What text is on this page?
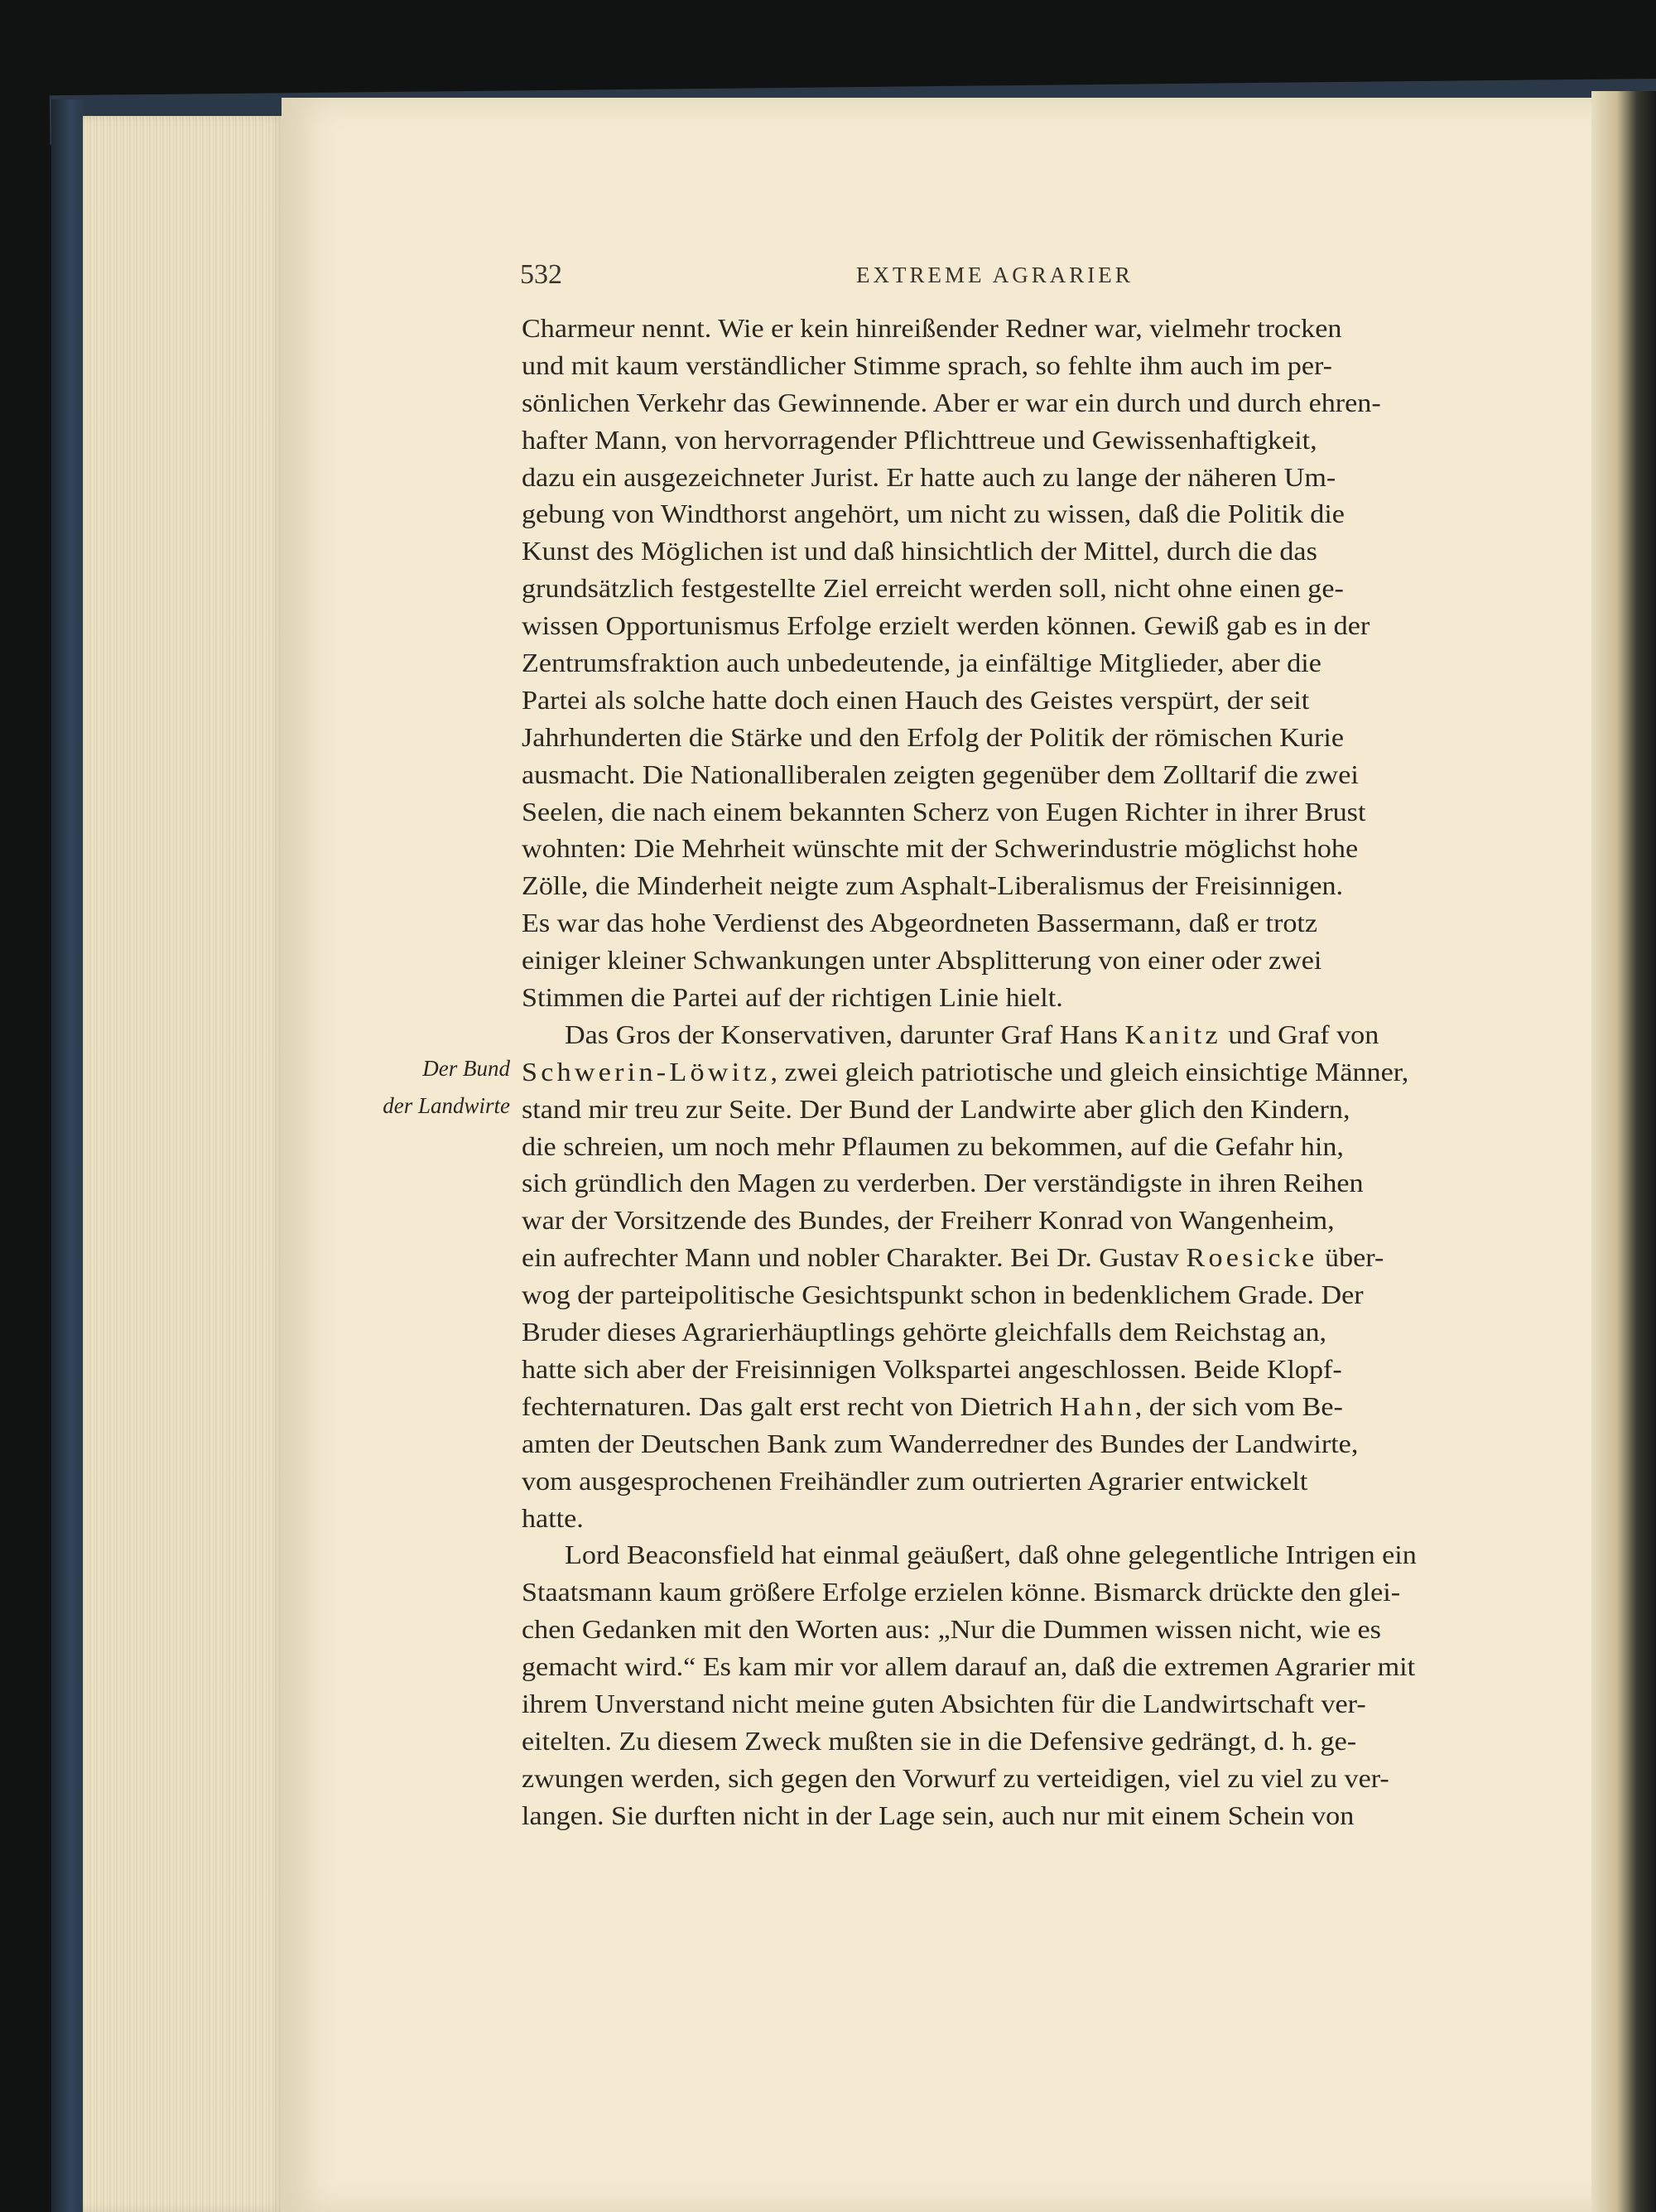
532	EXTREME AGRARIER
Der Bund
der Landwirte
Charmeur nennt. Wie er kein hinreißender Redner war, vielmehr trocken
und mit kaum verständlicher Stimme sprach, so fehlte ihm auch im per-
sönlichen Verkehr das Gewinnende. Aber er war ein durch und durch ehren-
hafter Mann, von hervorragender Pflichttreue und Gewissenhaftigkeit,
dazu ein ausgezeichneter Jurist. Er hatte auch zu lange der näheren Um-
gebung von Windthorst angehört, um nicht zu wissen, daß die Politik die
Kunst des Möglichen ist und daß hinsichtlich der Mittel, durch die das
grundsätzlich festgestellte Ziel erreicht werden soll, nicht ohne einen ge-
wissen Opportunismus Erfolge erzielt werden können. Gewiß gab es in der
Zentrumsfraktion auch unbedeutende, ja einfältige Mitglieder, aber die
Partei als solche hatte doch einen Hauch des Geistes verspürt, der seit
Jahrhunderten die Stärke und den Erfolg der Politik der römischen Kurie
ausmacht. Die Nationalliberalen zeigten gegenüber dem Zolltarif die zwei
Seelen, die nach einem bekannten Scherz von Eugen Richter in ihrer Brust
wohnten: Die Mehrheit wünschte mit der Schwerindustrie möglichst hohe
Zölle, die Minderheit neigte zum Asphalt-Liberalismus der Freisinnigen.
Es war das hohe Verdienst des Abgeordneten Bassermann, daß er trotz
einiger kleiner Schwankungen unter Absplitterung von einer oder zwei
Stimmen die Partei auf der richtigen Linie hielt.
Das Gros der Konservativen, darunter Graf Hans Kanitz und Graf von
Schwerin-Löwitz, zwei gleich patriotische und gleich einsichtige Männer,
stand mir treu zur Seite. Der Bund der Landwirte aber glich den Kindern,
die schreien, um noch mehr Pflaumen zu bekommen, auf die Gefahr hin,
sich gründlich den Magen zu verderben. Der verständigste in ihren Reihen
war der Vorsitzende des Bundes, der Freiherr Konrad von Wangenheim,
ein aufrechter Mann und nobler Charakter. Bei Dr. Gustav Roesicke über-
wog der parteipolitische Gesichtspunkt schon in bedenklichem Grade. Der
Bruder dieses Agrarierhäuptlings gehörte gleichfalls dem Reichstag an,
hatte sich aber der Freisinnigen Volkspartei angeschlossen. Beide Klopf-
fechternaturen. Das galt erst recht von Dietrich Hahn, der sich vom Be-
amten der Deutschen Bank zum Wanderredner des Bundes der Landwirte,
vom ausgesprochenen Freihändler zum outrierten Agrarier entwickelt
hatte.
Lord Beaconsfield hat einmal geäußert, daß ohne gelegentliche Intrigen ein
Staatsmann kaum größere Erfolge erzielen könne. Bismarck drückte den glei-
chen Gedanken mit den Worten aus: „Nur die Dummen wissen nicht, wie es
gemacht wird.“ Es kam mir vor allem darauf an, daß die extremen Agrarier mit
ihrem Unverstand nicht meine guten Absichten für die Landwirtschaft ver-
eitelten. Zu diesem Zweck mußten sie in die Defensive gedrängt, d. h. ge-
zwungen werden, sich gegen den Vorwurf zu verteidigen, viel zu viel zu ver-
langen. Sie durften nicht in der Lage sein, auch nur mit einem Schein von
